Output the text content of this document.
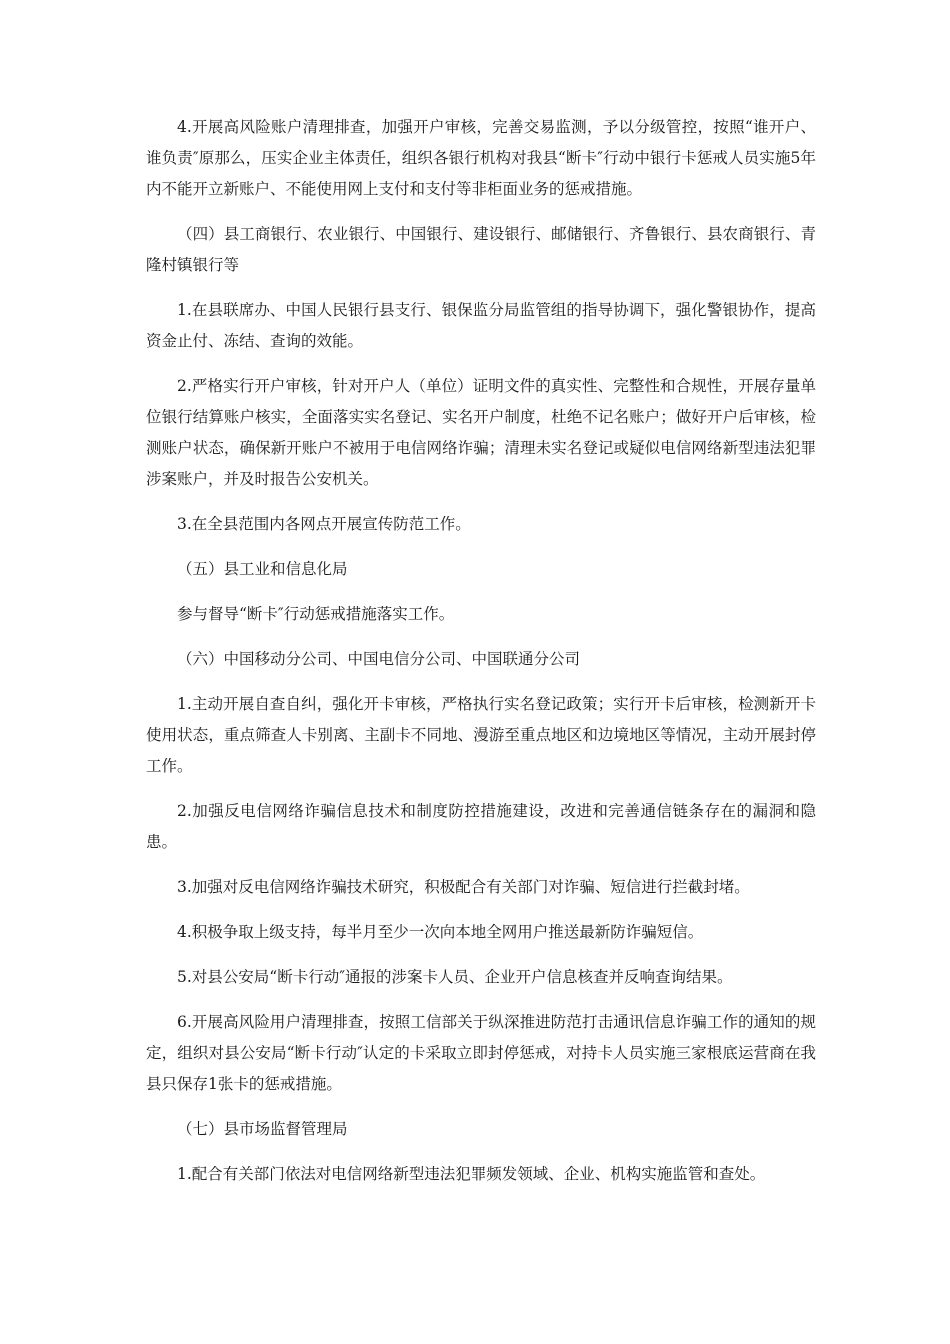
4.开展高风险账户清理排查，加强开户审核，完善交易监测，予以分级管控，按照“谁开户、谁负责″原那么，压实企业主体责任，组织各银行机构对我县“断卡″行动中银行卡惩戒人员实施5年内不能开立新账户、不能使用网上支付和支付等非柜面业务的惩戒措施。

（四）县工商银行、农业银行、中国银行、建设银行、邮储银行、齐鲁银行、县农商银行、青隆村镇银行等

1.在县联席办、中国人民银行县支行、银保监分局监管组的指导协调下，强化警银协作，提高资金止付、冻结、查询的效能。

2.严格实行开户审核，针对开户人（单位）证明文件的真实性、完整性和合规性，开展存量单位银行结算账户核实，全面落实实名登记、实名开户制度，杜绝不记名账户；做好开户后审核，检测账户状态，确保新开账户不被用于电信网络诈骗；清理未实名登记或疑似电信网络新型违法犯罪涉案账户，并及时报告公安机关。

3.在全县范围内各网点开展宣传防范工作。

（五）县工业和信息化局

参与督导“断卡″行动惩戒措施落实工作。

（六）中国移动分公司、中国电信分公司、中国联通分公司

1.主动开展自查自纠，强化开卡审核，严格执行实名登记政策；实行开卡后审核，检测新开卡使用状态，重点筛查人卡别离、主副卡不同地、漫游至重点地区和边境地区等情况，主动开展封停工作。

2.加强反电信网络诈骗信息技术和制度防控措施建设，改进和完善通信链条存在的漏洞和隐患。

3.加强对反电信网络诈骗技术研究，积极配合有关部门对诈骗、短信进行拦截封堵。

4.积极争取上级支持，每半月至少一次向本地全网用户推送最新防诈骗短信。

5.对县公安局“断卡行动″通报的涉案卡人员、企业开户信息核查并反响查询结果。

6.开展高风险用户清理排查，按照工信部关于纵深推进防范打击通讯信息诈骗工作的通知的规定，组织对县公安局“断卡行动″认定的卡采取立即封停惩戒，对持卡人员实施三家根底运营商在我县只保存1张卡的惩戒措施。

（七）县市场监督管理局

1.配合有关部门依法对电信网络新型违法犯罪频发领域、企业、机构实施监管和查处。
